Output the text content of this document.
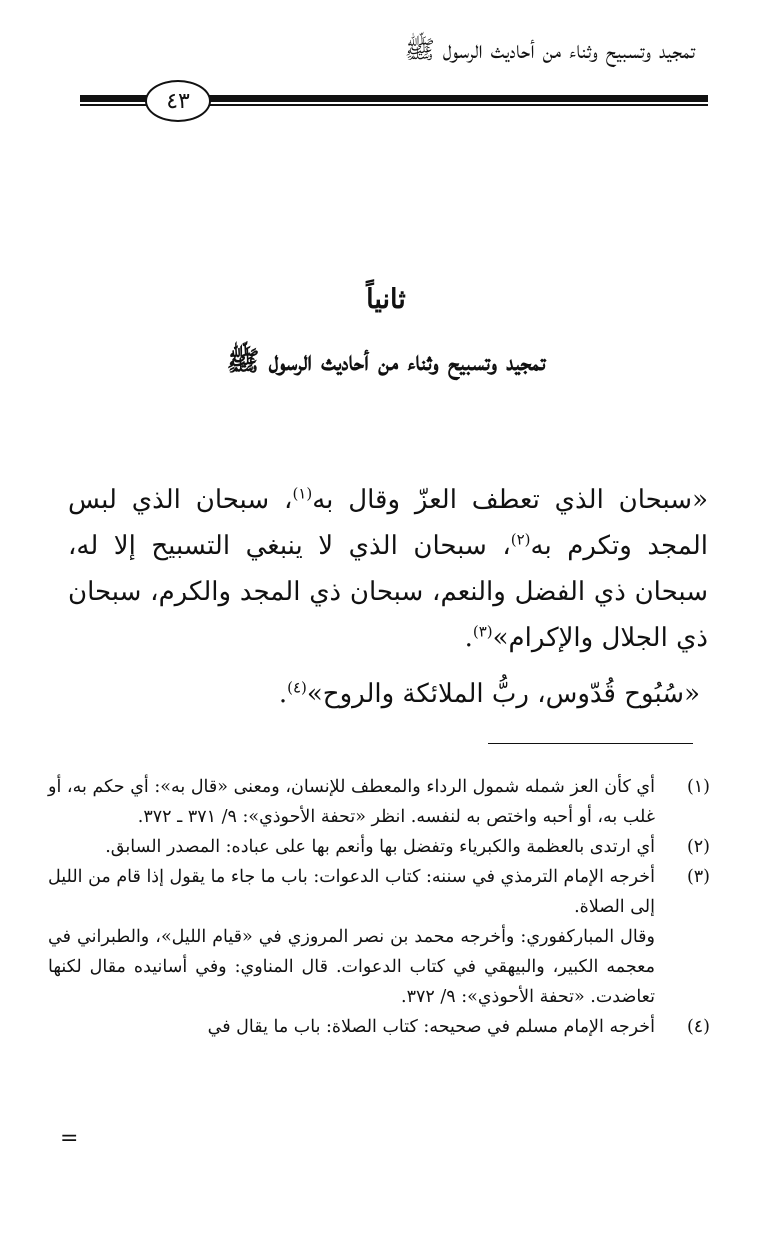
تمجيد وتسبيح وثناء من أحاديث الرسول ﷺ
٤٣
ثانياً
تمجيد وتسبيح وثناء من أحاديث الرسول ﷺ

«سبحان الذي تعطف العزّ وقال به$^{(١)}$، سبحان الذي لبس المجد وتكرم به$^{(٢)}$، سبحان الذي لا ينبغي التسبيح إلا له، سبحان ذي الفضل والنعم، سبحان ذي المجد والكرم، سبحان ذي الجلال والإكرام»$^{(٣)}$.

«سُبُوح قُدّوس، ربُّ الملائكة والروح»$^{(٤)}$.

(١)
أي كأن العز شمله شمول الرداء والمعطف للإنسان، ومعنى «قال به»: أي حكم به، أو غلب به، أو أحبه واختص به لنفسه. انظر «تحفة الأحوذي»: ٩/ ٣٧١ ـ ٣٧٢.
(٢)
أي ارتدى بالعظمة والكبرياء وتفضل بها وأنعم بها على عباده: المصدر السابق.
(٣)
أخرجه الإمام الترمذي في سننه: كتاب الدعوات: باب ما جاء ما يقول إذا قام من الليل إلى الصلاة.
وقال المباركفوري: وأخرجه محمد بن نصر المروزي في «قيام الليل»، والطبراني في معجمه الكبير، والبيهقي في كتاب الدعوات. قال المناوي: وفي أسانيده مقال لكنها تعاضدت. «تحفة الأحوذي»: ٩/ ٣٧٢.
(٤)
أخرجه الإمام مسلم في صحيحه: كتاب الصلاة: باب ما يقال في
=
